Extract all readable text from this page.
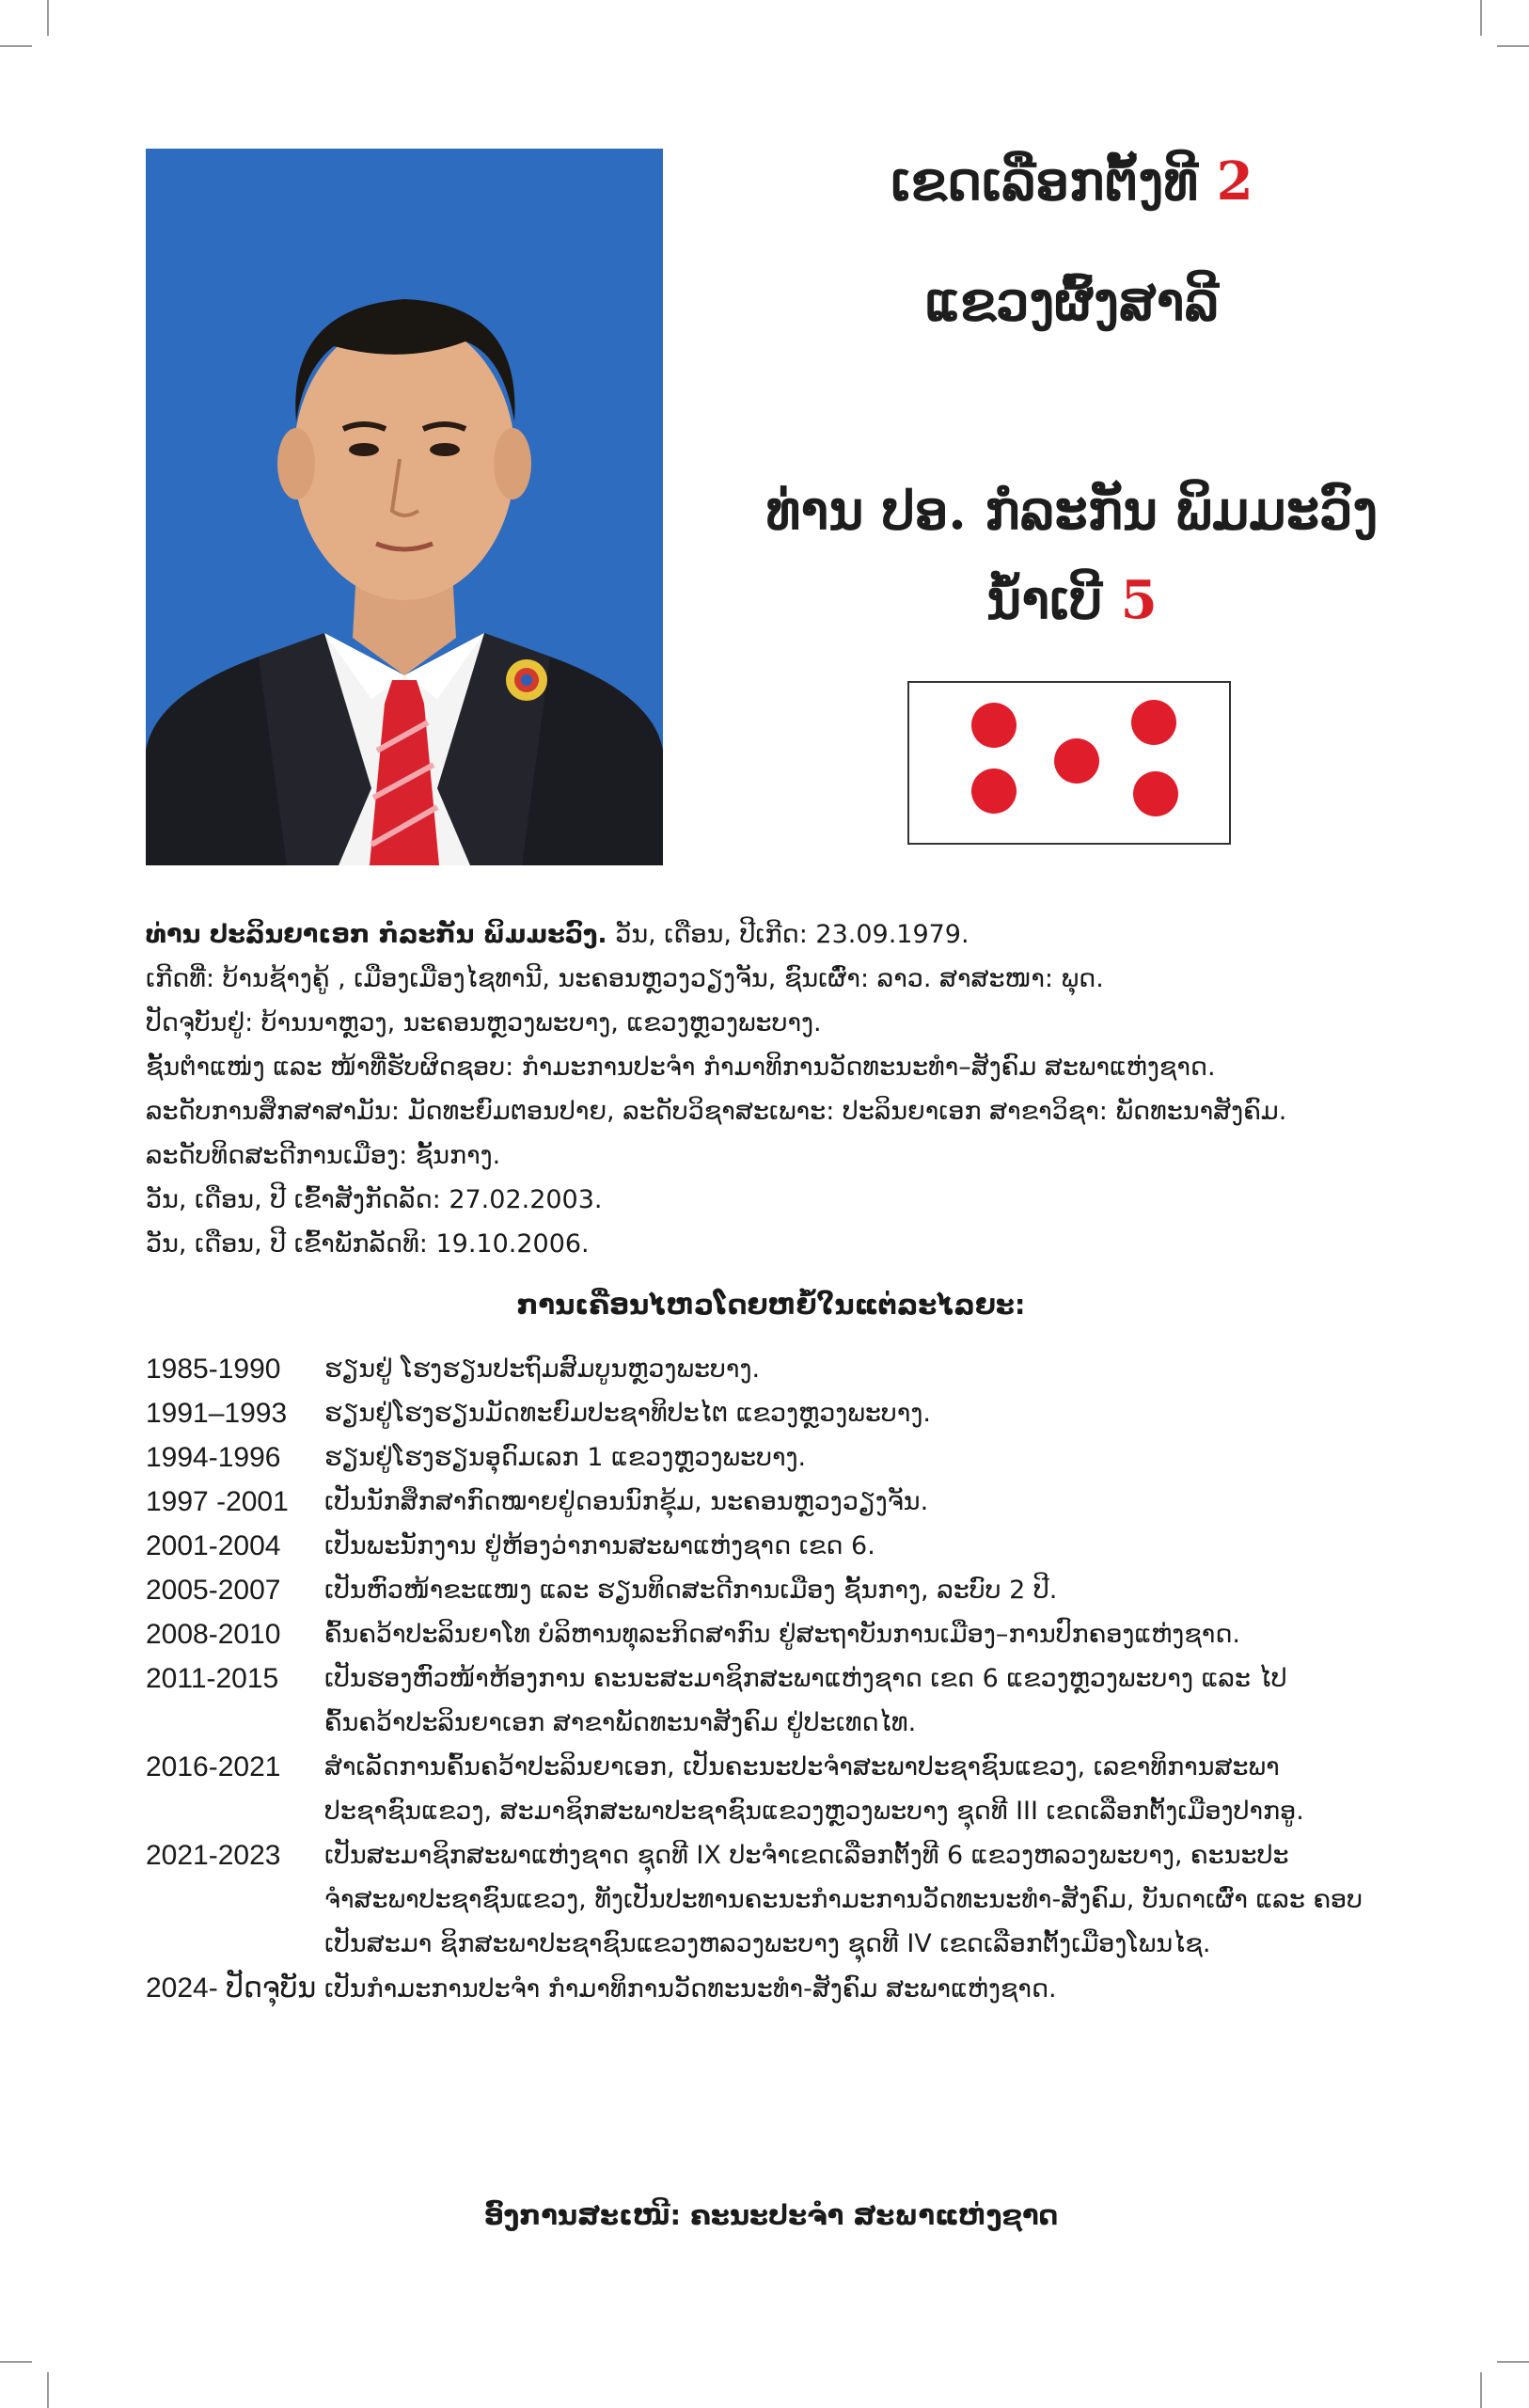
ເຂດເລືອກຕັ້ງທີ 2
ແຂວງຜົ້ງສາລີ
ທ່ານ ປອ. ກໍລະກັນ ພິມມະວົງ
ນໍ້າເບີ 5
ທ່ານ ປະລິນຍາເອກ ກໍລະກັນ ພິມມະວົງ. ວັນ, ເດືອນ, ປີເກີດ: 23.09.1979.
ເກີດທີ່: ບ້ານຊ້າງຄູ້ , ເມືອງເມືອງໄຊທານີ, ນະຄອນຫຼວງວຽງຈັນ, ຊົນເຜົ່າ: ລາວ. ສາສະໜາ: ພຸດ.
ປັດຈຸບັນຢູ່: ບ້ານນາຫຼວງ, ນະຄອນຫຼວງພະບາງ, ແຂວງຫຼວງພະບາງ.
ຊັ້ນຕໍາແໜ່ງ ແລະ ໜ້າທີ່ຮັບຜິດຊອບ: ກໍາມະການປະຈໍາ ກໍາມາທິການວັດທະນະທໍາ–ສັງຄົມ ສະພາແຫ່ງຊາດ.
ລະດັບການສຶກສາສາມັນ: ມັດທະຍົມຕອນປາຍ, ລະດັບວິຊາສະເພາະ: ປະລິນຍາເອກ ສາຂາວິຊາ: ພັດທະນາສັງຄົມ.
ລະດັບທິດສະດີການເມືອງ: ຊັ້ນກາງ.
ວັນ, ເດືອນ, ປີ ເຂົ້າສັງກັດລັດ: 27.02.2003.
ວັນ, ເດືອນ, ປີ ເຂົ້າພັກລັດທິ: 19.10.2006.
ການເຄື່ອນໄຫວໂດຍຫຍໍ້ໃນແຕ່ລະໄລຍະ:
1985-1990	ຮຽນຢູ່ ໂຮງຮຽນປະຖົມສົມບູນຫຼວງພະບາງ.
1991–1993	ຮຽນຢູ່ໂຮງຮຽນມັດທະຍົມປະຊາທິປະໄຕ ແຂວງຫຼວງພະບາງ.
1994-1996	ຮຽນຢູ່ໂຮງຮຽນອຸດົມເລກ 1 ແຂວງຫຼວງພະບາງ.
1997 -2001	ເປັນນັກສຶກສາກົດໝາຍຢູ່ດອນນົກຂຸ້ມ, ນະຄອນຫຼວງວຽງຈັນ.
2001-2004	ເປັນພະນັກງານ ຢູ່ຫ້ອງວ່າການສະພາແຫ່ງຊາດ ເຂດ 6.
2005-2007	ເປັນຫົວໜ້າຂະແໜງ ແລະ ຮຽນທິດສະດີການເມືອງ ຊັ້ນກາງ, ລະບົບ 2 ປີ.
2008-2010	ຄົ້ນຄວ້າປະລິນຍາໂທ ບໍລິຫານທຸລະກິດສາກົນ ຢູ່ສະຖາບັນການເມືອງ–ການປົກຄອງແຫ່ງຊາດ.
2011-2015	ເປັນຮອງຫົວໜ້າຫ້ອງການ ຄະນະສະມາຊິກສະພາແຫ່ງຊາດ ເຂດ 6 ແຂວງຫຼວງພະບາງ ແລະ ໄປ
ຄົ້ນຄວ້າປະລິນຍາເອກ ສາຂາພັດທະນາສັງຄົມ ຢູ່ປະເທດໄທ.
2016-2021	ສໍາເລັດການຄົ້ນຄວ້າປະລິນຍາເອກ, ເປັນຄະນະປະຈໍາສະພາປະຊາຊົນແຂວງ, ເລຂາທິການສະພາ
ປະຊາຊົນແຂວງ, ສະມາຊິກສະພາປະຊາຊົນແຂວງຫຼວງພະບາງ ຊຸດທີ III ເຂດເລືອກຕັ້ງເມືອງປາກອູ.
2021-2023	ເປັນສະມາຊິກສະພາແຫ່ງຊາດ ຊຸດທີ IX ປະຈໍາເຂດເລືອກຕັ້ງທີ 6 ແຂວງຫລວງພະບາງ, ຄະນະປະ
ຈໍາສະພາປະຊາຊົນແຂວງ, ທັງເປັນປະທານຄະນະກໍາມະການວັດທະນະທໍາ-ສັງຄົມ, ບັນດາເຜົ່າ ແລະ ຄອບ
ເປັນສະມາ ຊິກສະພາປະຊາຊົນແຂວງຫລວງພະບາງ ຊຸດທີ IV ເຂດເລືອກຕັ້ງເມືອງໂພນໄຊ.
2024- ປັດຈຸບັນ ເປັນກໍາມະການປະຈໍາ ກໍາມາທິການວັດທະນະທໍາ-ສັງຄົມ ສະພາແຫ່ງຊາດ.
ອົງການສະເໜີ: ຄະນະປະຈໍາ ສະພາແຫ່ງຊາດ
